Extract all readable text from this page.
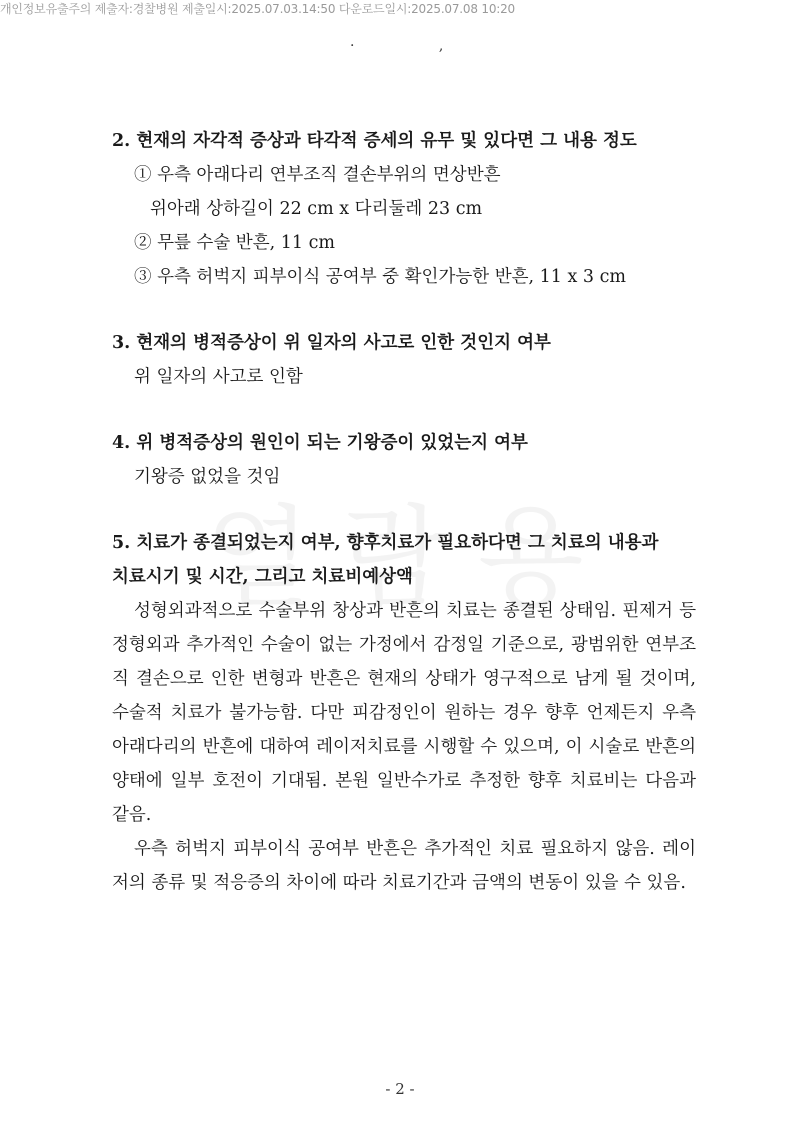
개인정보유출주의 제출자:경찰병원 제출일시:2025.07.03.14:50 다운로드일시:2025.07.08 10:20
· ,
2. 현재의 자각적 증상과 타각적 증세의 유무 및 있다면 그 내용 정도
① 우측 아래다리 연부조직 결손부위의 면상반흔
위아래 상하길이 22 cm x 다리둘레 23 cm
② 무릎 수술 반흔, 11 cm
③ 우측 허벅지 피부이식 공여부 중 확인가능한 반흔, 11 x 3 cm
3. 현재의 병적증상이 위 일자의 사고로 인한 것인지 여부
위 일자의 사고로 인함
4. 위 병적증상의 원인이 되는 기왕증이 있었는지 여부
기왕증 없었을 것임
5. 치료가 종결되었는지 여부, 향후치료가 필요하다면 그 치료의 내용과
치료시기 및 시간, 그리고 치료비예상액

성형외과적으로 수술부위 창상과 반흔의 치료는 종결된 상태임. 핀제거 등 정형외과 추가적인 수술이 없는 가정에서 감정일 기준으로, 광범위한 연부조직 결손으로 인한 변형과 반흔은 현재의 상태가 영구적으로 남게 될 것이며, 수술적 치료가 불가능함. 다만 피감정인이 원하는 경우 향후 언제든지 우측 아래다리의 반흔에 대하여 레이저치료를 시행할 수 있으며, 이 시술로 반흔의 양태에 일부 호전이 기대됨. 본원 일반수가로 추정한 향후 치료비는 다음과 같음.

우측 허벅지 피부이식 공여부 반흔은 추가적인 치료 필요하지 않음. 레이저의 종류 및 적응증의 차이에 따라 치료기간과 금액의 변동이 있을 수 있음.

- 2 -
